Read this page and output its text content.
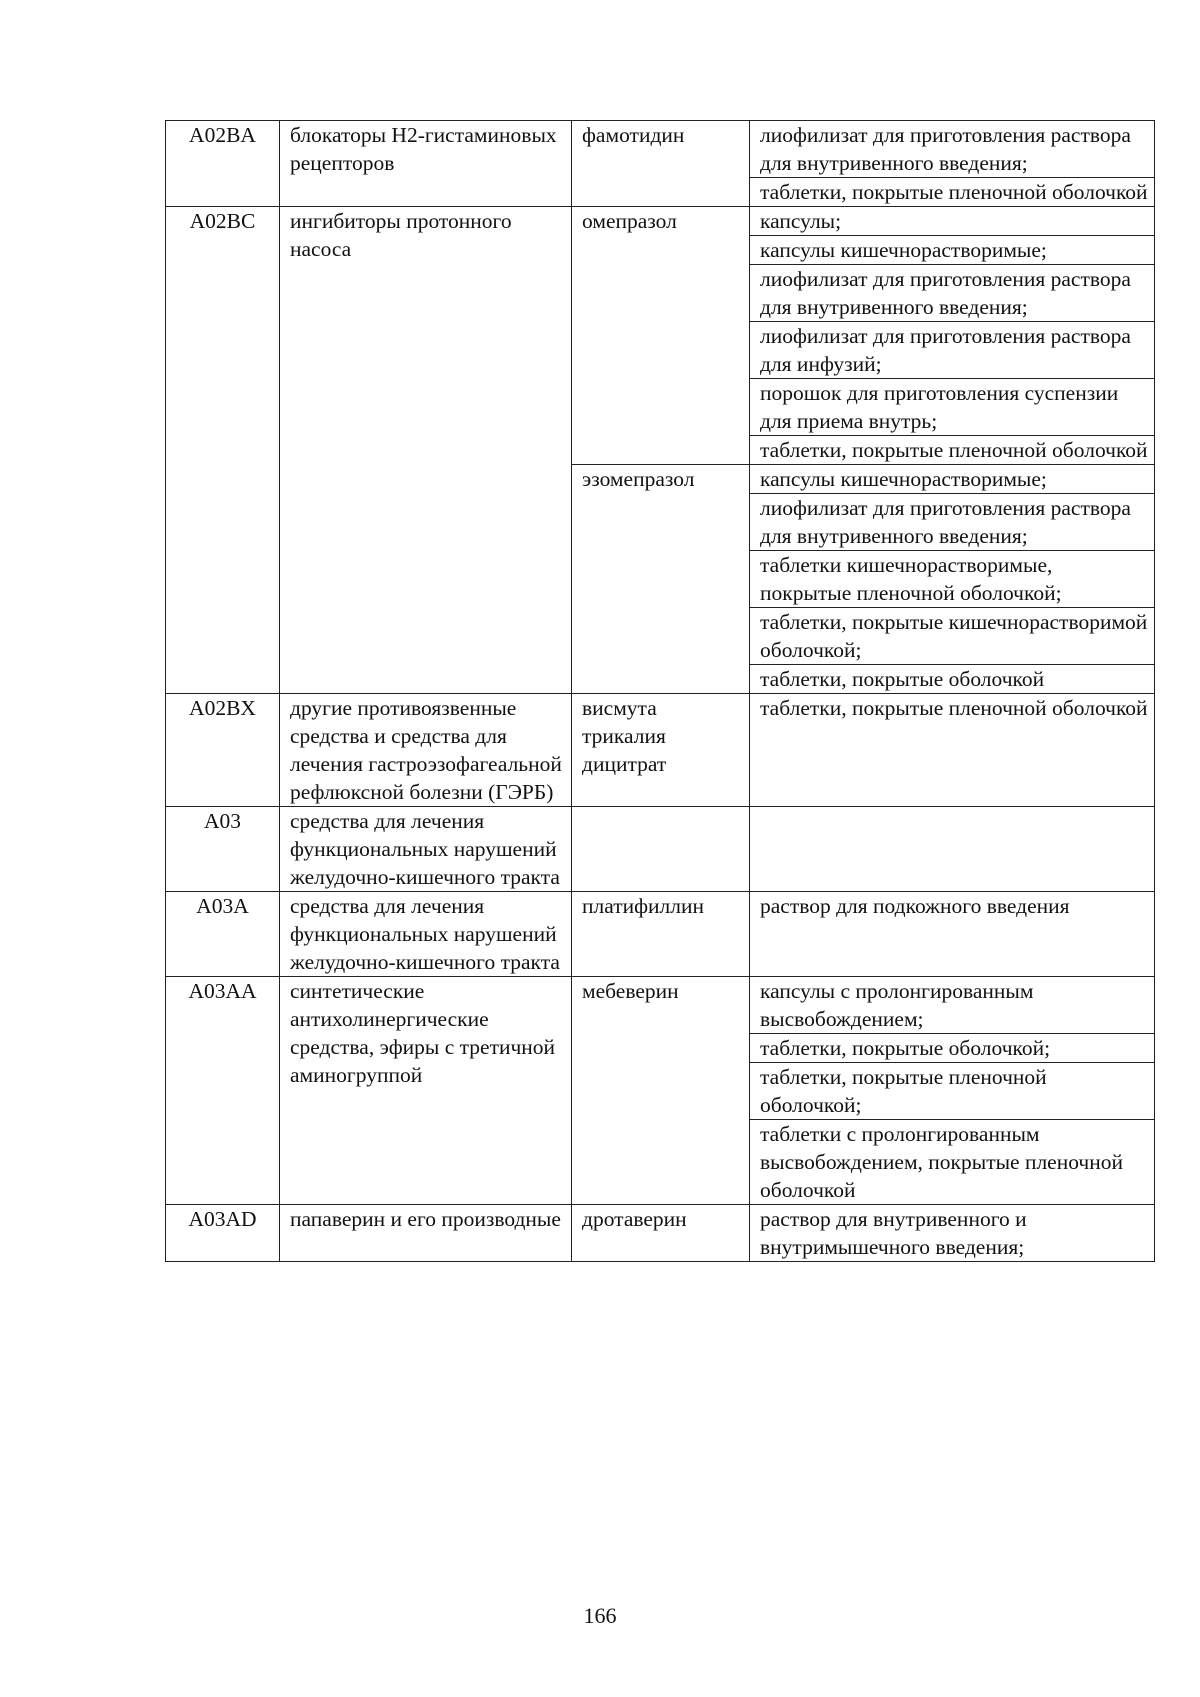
A02BA	блокаторы H2-гистаминовых рецепторов	фамотидин	лиофилизат для приготовления раствора для внутривенного введения;
			таблетки, покрытые пленочной оболочкой
A02BC	ингибиторы протонного насоса	омепразол	капсулы;
			капсулы кишечнорастворимые;
			лиофилизат для приготовления раствора для внутривенного введения;
			лиофилизат для приготовления раствора для инфузий;
			порошок для приготовления суспензии для приема внутрь;
			таблетки, покрытые пленочной оболочкой
		эзомепразол	капсулы кишечнорастворимые;
			лиофилизат для приготовления раствора для внутривенного введения;
			таблетки кишечнорастворимые, покрытые пленочной оболочкой;
			таблетки, покрытые кишечнорастворимой оболочкой;
			таблетки, покрытые оболочкой
A02BX	другие противоязвенные средства и средства для лечения гастроэзофагеальной рефлюксной болезни (ГЭРБ)	висмута трикалия дицитрат	таблетки, покрытые пленочной оболочкой
A03	средства для лечения функциональных нарушений желудочно-кишечного тракта		
A03A	средства для лечения функциональных нарушений желудочно-кишечного тракта	платифиллин	раствор для подкожного введения
A03AA	синтетические антихолинергические средства, эфиры с третичной аминогруппой	мебеверин	капсулы с пролонгированным высвобождением;
			таблетки, покрытые оболочкой;
			таблетки, покрытые пленочной оболочкой;
			таблетки с пролонгированным высвобождением, покрытые пленочной оболочкой
A03AD	папаверин и его производные	дротаверин	раствор для внутривенного и внутримышечного введения;
166
